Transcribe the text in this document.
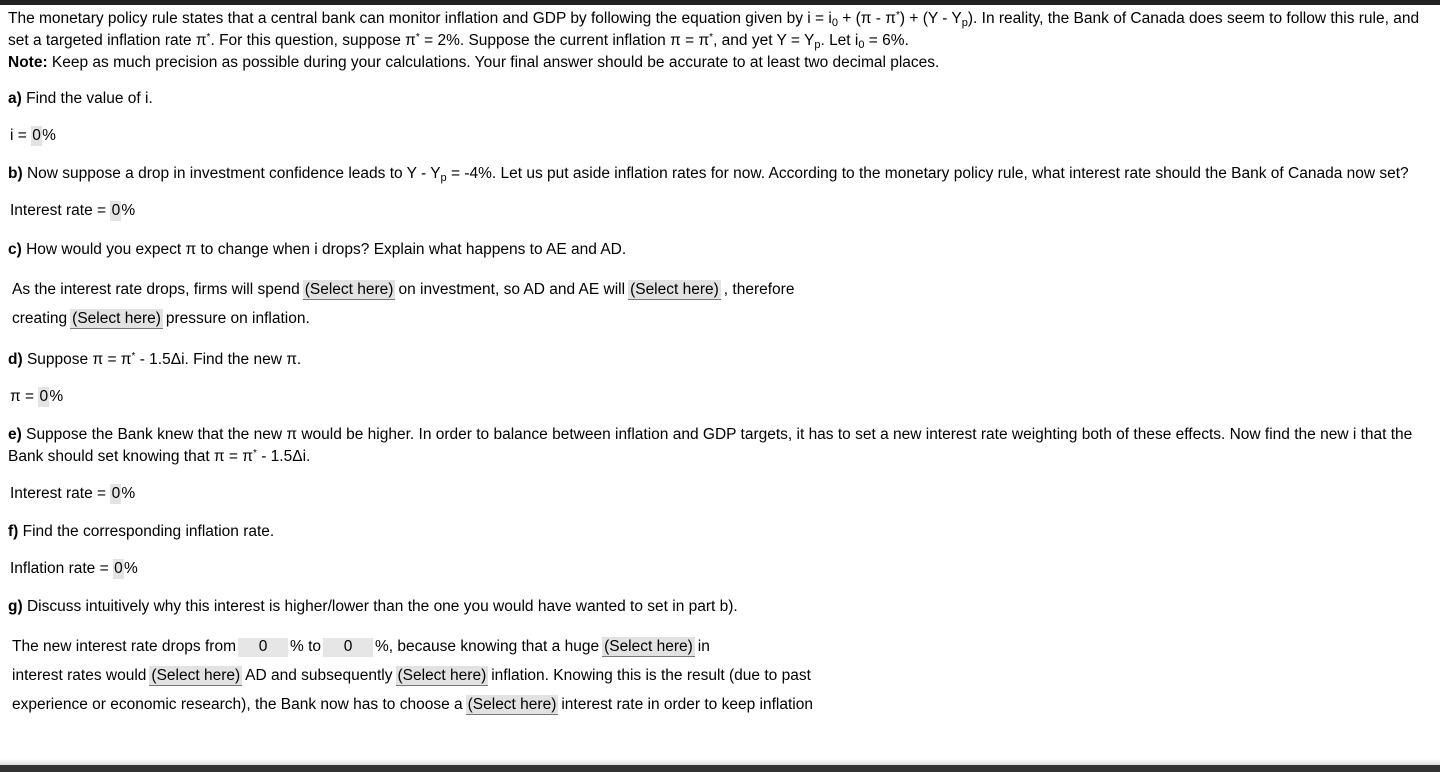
The monetary policy rule states that a central bank can monitor inflation and GDP by following the equation given by $i = i_0 + (\pi - \pi^*) + (Y - Y_p)$. In reality, the Bank of Canada does seem to follow this rule, and set a targeted inflation rate π*. For this question, suppose π* = 2%. Suppose the current inflation π = π*, and yet $Y = Y_p$. Let $i_0 = 6\%$.

Note: Keep as much precision as possible during your calculations. Your final answer should be accurate to at least two decimal places.

a) Find the value of i.

i = 0%

b) Now suppose a drop in investment confidence leads to $Y - Y_p = -4\%$. Let us put aside inflation rates for now. According to the monetary policy rule, what interest rate should the Bank of Canada now set?

Interest rate = 0%

c) How would you expect π to change when i drops? Explain what happens to AE and AD.

As the interest rate drops, firms will spend (Select here) on investment, so AD and AE will (Select here) , therefore
creating (Select here) pressure on inflation.

d) Suppose π = π* - 1.5Δi. Find the new π.

π = 0%

e) Suppose the Bank knew that the new π would be higher. In order to balance between inflation and GDP targets, it has to set a new interest rate weighting both of these effects. Now find the new i that the Bank should set knowing that π = π* - 1.5Δi.

Interest rate = 0%

f) Find the corresponding inflation rate.

Inflation rate = 0%

g) Discuss intuitively why this interest is higher/lower than the one you would have wanted to set in part b).

The new interest rate drops from0	% to0	%, because knowing that a huge (Select here) in
interest rates would (Select here) AD and subsequently (Select here) inflation. Knowing this is the result (due to past
experience or economic research), the Bank now has to choose a (Select here) interest rate in order to keep inflation
